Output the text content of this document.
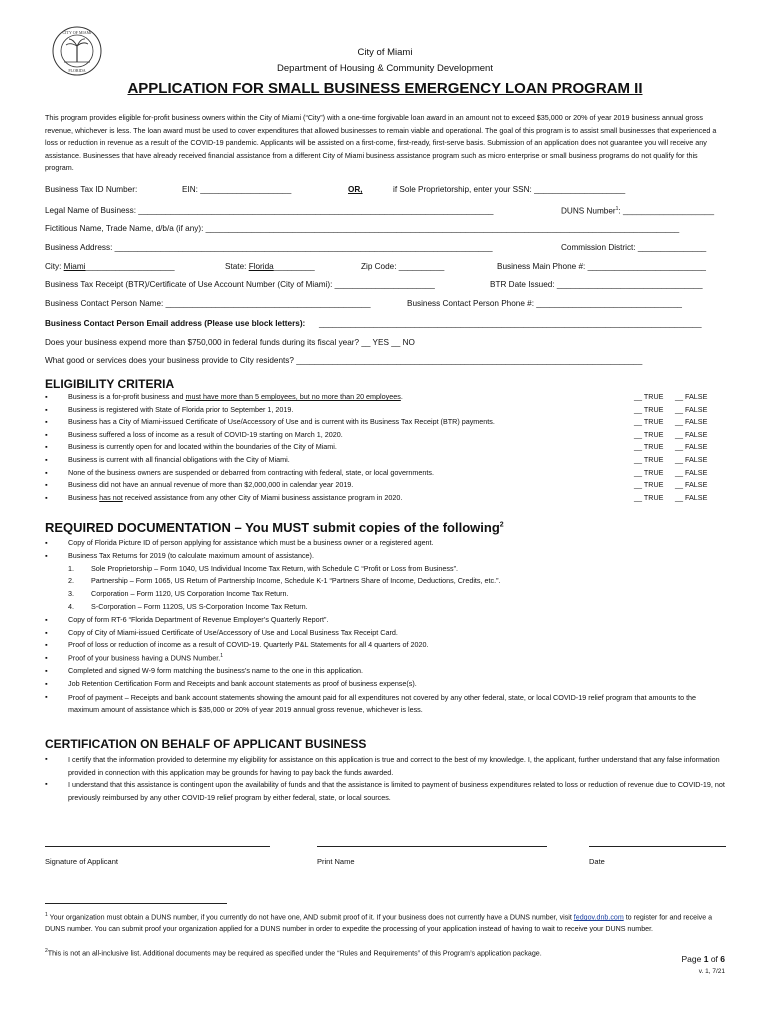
CITY OF MIAMI
FLORIDA
City of Miami
Department of Housing & Community Development
APPLICATION FOR SMALL BUSINESS EMERGENCY LOAN PROGRAM II
This program provides eligible for-profit business owners within the City of Miami (“City”) with a one-time forgivable loan award in an amount not to exceed $35,000 or 20% of year 2019 business annual gross revenue, whichever is less. The loan award must be used to cover expenditures that allowed businesses to remain viable and operational. The goal of this program is to assist small businesses that experienced a loss or reduction in revenue as a result of the COVID-19 pandemic. Applicants will be assisted on a first-come, first-ready, first-serve basis. Submission of an application does not guarantee you will receive any assistance. Businesses that have already received financial assistance from a different City of Miami business assistance program such as micro enterprise or small business programs do not qualify for this program.
Business Tax ID Number:	EIN: ____________________	OR,	if Sole Proprietorship, enter your SSN: ____________________
Legal Name of Business: ______________________________________________________________________________	DUNS Number$^1$: ____________________
Fictitious Name, Trade Name, d/b/a (if any): ________________________________________________________________________________________________________
Business Address: ___________________________________________________________________________________	Commission District: _______________
City: Miami____________________	State: Florida_________	Zip Code: __________	Business Main Phone #: __________________________
Business Tax Receipt (BTR)/Certificate of Use Account Number (City of Miami): ______________________	BTR Date Issued: ________________________________
Business Contact Person Name: _____________________________________________	Business Contact Person Phone #: ________________________________
Business Contact Person Email address (Please use block letters): ____________________________________________________________________________________
Does your business expend more than $750,000 in federal funds during its fiscal year? __ YES __ NO
What good or services does your business provide to City residents? ____________________________________________________________________________
ELIGIBILITY CRITERIA
▪	Business is a for-profit business and must have more than 5 employees, but no more than 20 employees.	__ TRUE __ FALSE
▪	Business is registered with State of Florida prior to September 1, 2019.	__ TRUE __ FALSE
▪	Business has a City of Miami-issued Certificate of Use/Accessory of Use and is current with its Business Tax Receipt (BTR) payments.	__ TRUE __ FALSE
▪	Business suffered a loss of income as a result of COVID-19 starting on March 1, 2020.	__ TRUE __ FALSE
▪	Business is currently open for and located within the boundaries of the City of Miami.	__ TRUE __ FALSE
▪	Business is current with all financial obligations with the City of Miami.	__ TRUE __ FALSE
▪	None of the business owners are suspended or debarred from contracting with federal, state, or local governments.	__ TRUE __ FALSE
▪	Business did not have an annual revenue of more than $2,000,000 in calendar year 2019.	__ TRUE __ FALSE
▪	Business has not received assistance from any other City of Miami business assistance program in 2020.	__ TRUE __ FALSE
REQUIRED DOCUMENTATION – You MUST submit copies of the following$^2$
▪	Copy of Florida Picture ID of person applying for assistance which must be a business owner or a registered agent.
▪	Business Tax Returns for 2019 (to calculate maximum amount of assistance).
1. Sole Proprietorship – Form 1040, US Individual Income Tax Return, with Schedule C “Profit or Loss from Business”.
2. Partnership – Form 1065, US Return of Partnership Income, Schedule K-1 “Partners Share of Income, Deductions, Credits, etc.”.
3. Corporation – Form 1120, US Corporation Income Tax Return.
4. S-Corporation – Form 1120S, US S-Corporation Income Tax Return.
▪	Copy of form RT-6 “Florida Department of Revenue Employer’s Quarterly Report”.
▪	Copy of City of Miami-issued Certificate of Use/Accessory of Use and Local Business Tax Receipt Card.
▪	Proof of loss or reduction of income as a result of COVID-19. Quarterly P&L Statements for all 4 quarters of 2020.
▪	Proof of your business having a DUNS Number.$^1$
▪	Completed and signed W-9 form matching the business’s name to the one in this application.
▪	Job Retention Certification Form and Receipts and bank account statements as proof of business expense(s).
▪	Proof of payment – Receipts and bank account statements showing the amount paid for all expenditures not covered by any other federal, state, or local COVID-19 relief program that amounts to the maximum amount of assistance which is $35,000 or 20% of year 2019 annual gross revenue, whichever is less.
CERTIFICATION ON BEHALF OF APPLICANT BUSINESS
▪	I certify that the information provided to determine my eligibility for assistance on this application is true and correct to the best of my knowledge. I, the applicant, further understand that any false information provided in connection with this application may be grounds for having to pay back the funds awarded.
▪	I understand that this assistance is contingent upon the availability of funds and that the assistance is limited to payment of business expenditures related to loss or reduction of revenue due to COVID-19, not previously reimbursed by any other COVID-19 relief program by either federal, state, or local sources.
Signature of Applicant	Print Name	Date
$^1$ Your organization must obtain a DUNS number, if you currently do not have one, AND submit proof of it. If your business does not currently have a DUNS number, visit fedgov.dnb.com to register for and receive a DUNS number. You can submit proof your organization applied for a DUNS number in order to expedite the processing of your application instead of having to wait to receive your DUNS number.
$^2$This is not an all-inclusive list. Additional documents may be required as specified under the “Rules and Requirements” of this Program’s application package.
Page 1 of 6
v. 1, 7/21
